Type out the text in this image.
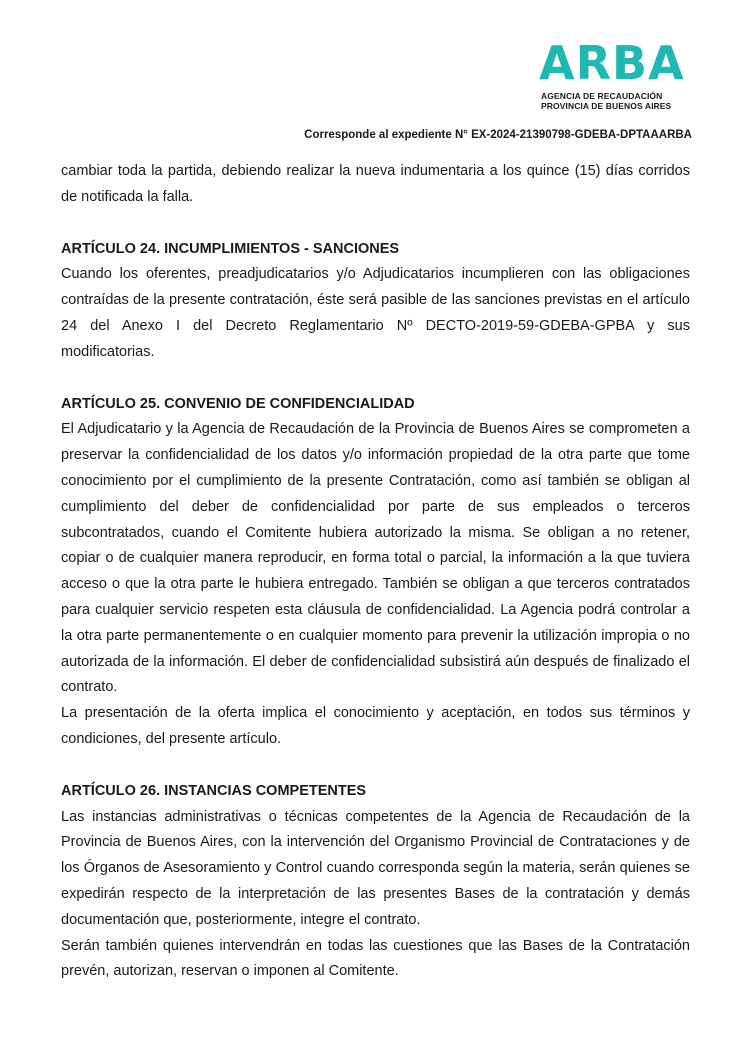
ARBA
AGENCIA DE RECAUDACIÓN
PROVINCIA DE BUENOS AIRES
Corresponde al expediente N° EX-2024-21390798-GDEBA-DPTAAARBA

cambiar toda la partida, debiendo realizar la nueva indumentaria a los quince (15) días corridos de notificada la falla.

ARTÍCULO 24. INCUMPLIMIENTOS - SANCIONES

Cuando los oferentes, preadjudicatarios y/o Adjudicatarios incumplieren con las obligaciones contraídas de la presente contratación, éste será pasible de las sanciones previstas en el artículo 24 del Anexo I del Decreto Reglamentario Nº DECTO-2019-59-GDEBA-GPBA y sus modificatorias.

ARTÍCULO 25. CONVENIO DE CONFIDENCIALIDAD

El Adjudicatario y la Agencia de Recaudación de la Provincia de Buenos Aires se comprometen a preservar la confidencialidad de los datos y/o información propiedad de la otra parte que tome conocimiento por el cumplimiento de la presente Contratación, como así también se obligan al cumplimiento del deber de confidencialidad por parte de sus empleados o terceros subcontratados, cuando el Comitente hubiera autorizado la misma. Se obligan a no retener, copiar o de cualquier manera reproducir, en forma total o parcial, la información a la que tuviera acceso o que la otra parte le hubiera entregado. También se obligan a que terceros contratados para cualquier servicio respeten esta cláusula de confidencialidad. La Agencia podrá controlar a la otra parte permanentemente o en cualquier momento para prevenir la utilización impropia o no autorizada de la información. El deber de confidencialidad subsistirá aún después de finalizado el contrato.

La presentación de la oferta implica el conocimiento y aceptación, en todos sus términos y condiciones, del presente artículo.

ARTÍCULO 26. INSTANCIAS COMPETENTES

Las instancias administrativas o técnicas competentes de la Agencia de Recaudación de la Provincia de Buenos Aires, con la intervención del Organismo Provincial de Contrataciones y de los Órganos de Asesoramiento y Control cuando corresponda según la materia, serán quienes se expedirán respecto de la interpretación de las presentes Bases de la contratación y demás documentación que, posteriormente, integre el contrato.

Serán también quienes intervendrán en todas las cuestiones que las Bases de la Contratación prevén, autorizan, reservan o imponen al Comitente.
